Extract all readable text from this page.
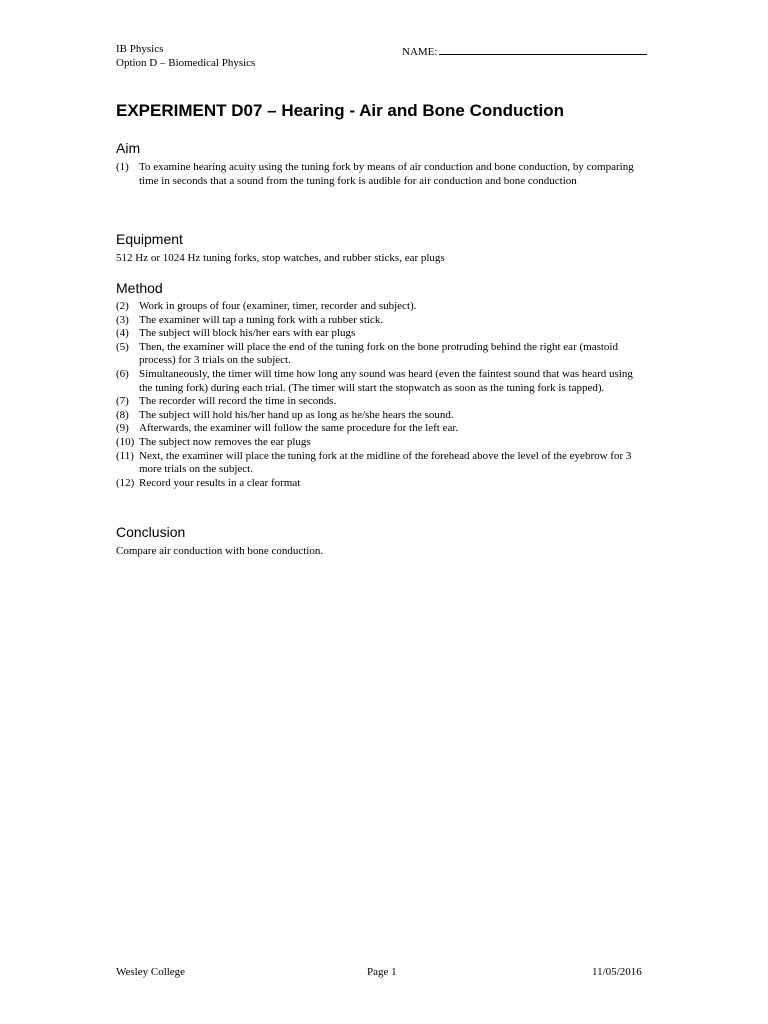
IB Physics
Option D – Biomedical Physics
NAME:
EXPERIMENT D07 – Hearing - Air and Bone Conduction
Aim
(1) To examine hearing acuity using the tuning fork by means of air conduction and bone conduction, by comparing time in seconds that a sound from the tuning fork is audible for air conduction and bone conduction
Equipment
512 Hz or 1024 Hz tuning forks, stop watches, and rubber sticks, ear plugs
Method
(2) Work in groups of four (examiner, timer, recorder and subject).
(3) The examiner will tap a tuning fork with a rubber stick.
(4) The subject will block his/her ears with ear plugs
(5) Then, the examiner will place the end of the tuning fork on the bone protruding behind the right ear (mastoid process) for 3 trials on the subject.
(6) Simultaneously, the timer will time how long any sound was heard (even the faintest sound that was heard using the tuning fork) during each trial. (The timer will start the stopwatch as soon as the tuning fork is tapped).
(7) The recorder will record the time in seconds.
(8) The subject will hold his/her hand up as long as he/she hears the sound.
(9) Afterwards, the examiner will follow the same procedure for the left ear.
(10) The subject now removes the ear plugs
(11) Next, the examiner will place the tuning fork at the midline of the forehead above the level of the eyebrow for 3 more trials on the subject.
(12) Record your results in a clear format
Conclusion
Compare air conduction with bone conduction.
Wesley College	Page 1	11/05/2016
